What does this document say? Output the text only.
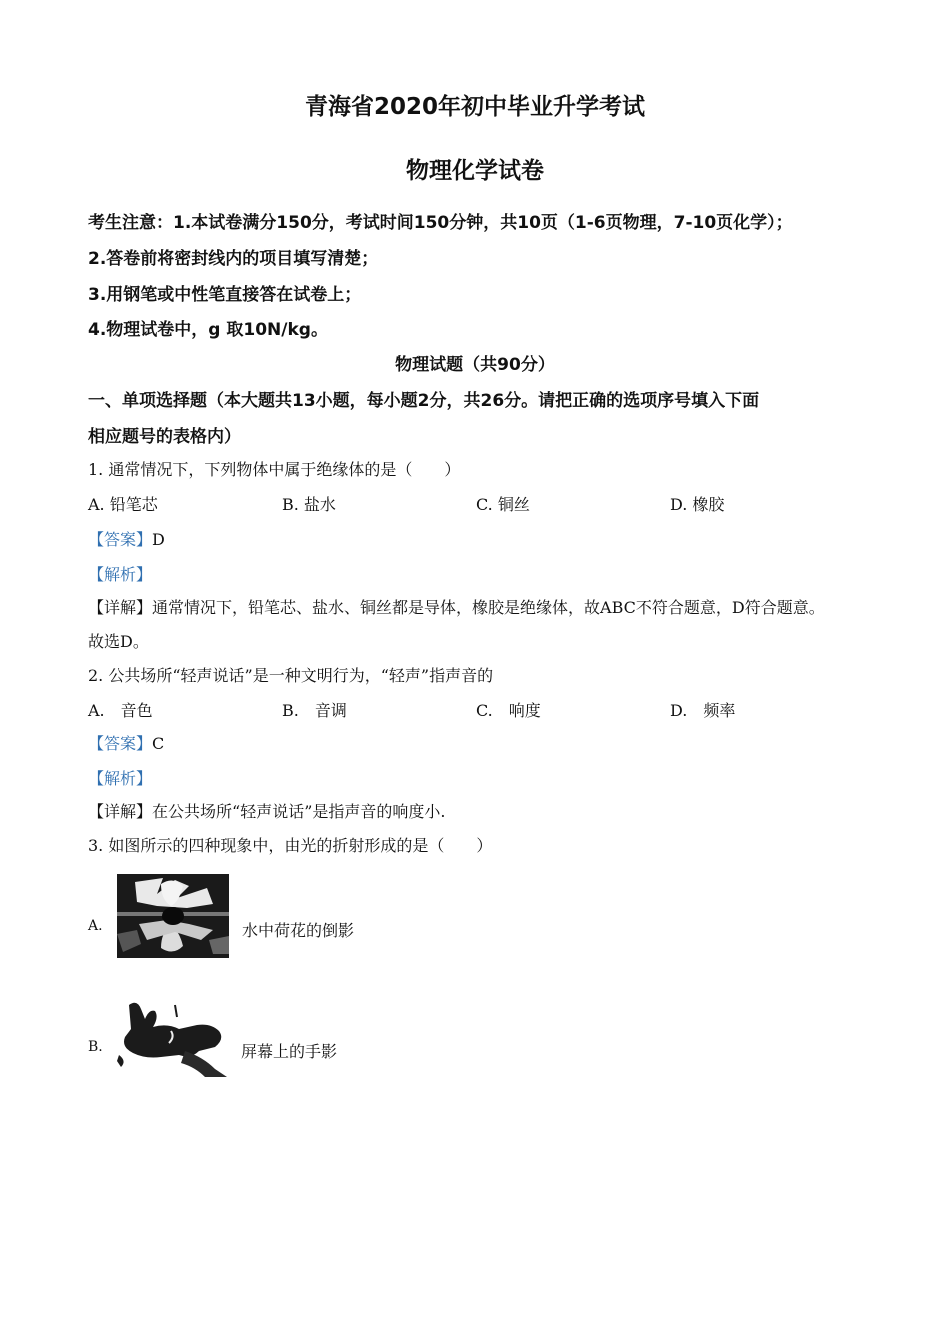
青海省2020年初中毕业升学考试
物理化学试卷
考生注意：1.本试卷满分150分，考试时间150分钟，共10页（1-6页物理，7-10页化学）；
2.答卷前将密封线内的项目填写清楚；
3.用钢笔或中性笔直接答在试卷上；
4.物理试卷中，g 取10N/kg。
物理试题（共90分）
一、单项选择题（本大题共13小题，每小题2分，共26分。请把正确的选项序号填入下面
相应题号的表格内）
1. 通常情况下，下列物体中属于绝缘体的是（　　）
A. 铅笔芯	B. 盐水	C. 铜丝	D. 橡胶
【答案】D
【解析】
【详解】通常情况下，铅笔芯、盐水、铜丝都是导体，橡胶是绝缘体，故ABC不符合题意，D符合题意。
故选D。
2. 公共场所“轻声说话”是一种文明行为，“轻声”指声音的
A.　音色	B.　音调	C.　响度	D.　频率
【答案】C
【解析】
【详解】在公共场所“轻声说话”是指声音的响度小.
3. 如图所示的四种现象中，由光的折射形成的是（　　）
A.	水中荷花的倒影
B.	屏幕上的手影
